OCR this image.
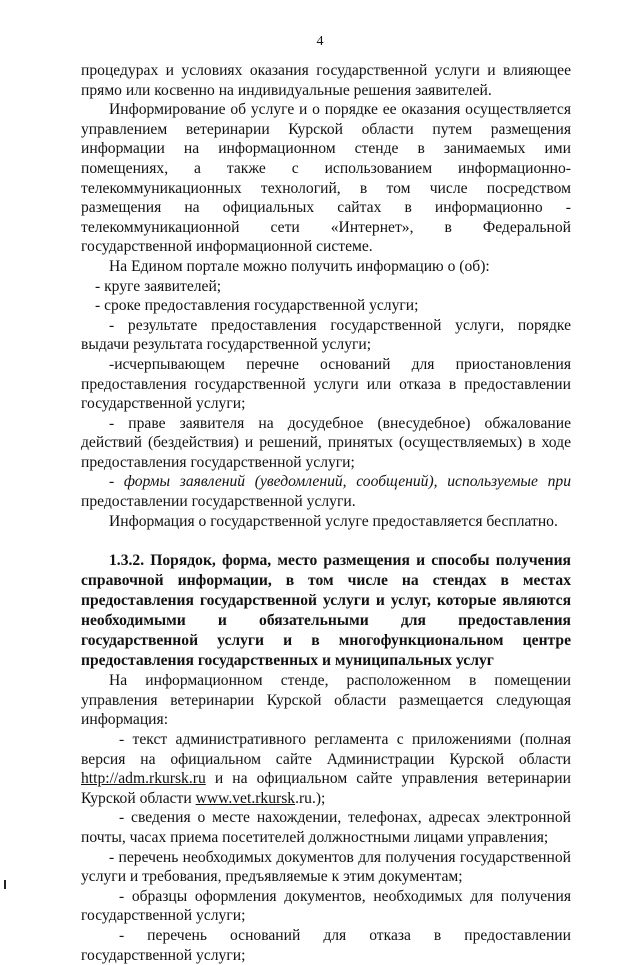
4

процедурах и условиях оказания государственной услуги и влияющее прямо или косвенно на индивидуальные решения заявителей.

Информирование об услуге и о порядке ее оказания осуществляется управлением ветеринарии Курской области путем размещения информации на информационном стенде в занимаемых ими помещениях, а также с использованием информационно-телекоммуникационных технологий, в том числе посредством размещения на официальных сайтах в информационно - телекоммуникационной сети «Интернет», в Федеральной государственной информационной системе.

На Едином портале можно получить информацию о (об):

- круге заявителей;

- сроке предоставления государственной услуги;

- результате предоставления государственной услуги, порядке выдачи результата государственной услуги;

-исчерпывающем перечне оснований для приостановления предоставления государственной услуги или отказа в предоставлении государственной услуги;

- праве заявителя на досудебное (внесудебное) обжалование действий (бездействия) и решений, принятых (осуществляемых) в ходе предоставления государственной услуги;

- формы заявлений (уведомлений, сообщений), используемые при предоставлении государственной услуги.

Информация о государственной услуге предоставляется бесплатно.

1.3.2. Порядок, форма, место размещения и способы получения справочной информации, в том числе на стендах в местах предоставления государственной услуги и услуг, которые являются необходимыми и обязательными для предоставления государственной услуги и в многофункциональном центре предоставления государственных и муниципальных услуг

На информационном стенде, расположенном в помещении управления ветеринарии Курской области размещается следующая информация:

- текст административного регламента с приложениями (полная версия на официальном сайте Администрации Курской области http://adm.rkursk.ru и на официальном сайте управления ветеринарии Курской области www.vet.rkursk.ru.);

- сведения о месте нахождении, телефонах, адресах электронной почты, часах приема посетителей должностными лицами управления;

- перечень необходимых документов для получения государственной услуги и требования, предъявляемые к этим документам;

- образцы оформления документов, необходимых для получения государственной услуги;

- перечень оснований для отказа в предоставлении государственной услуги;
